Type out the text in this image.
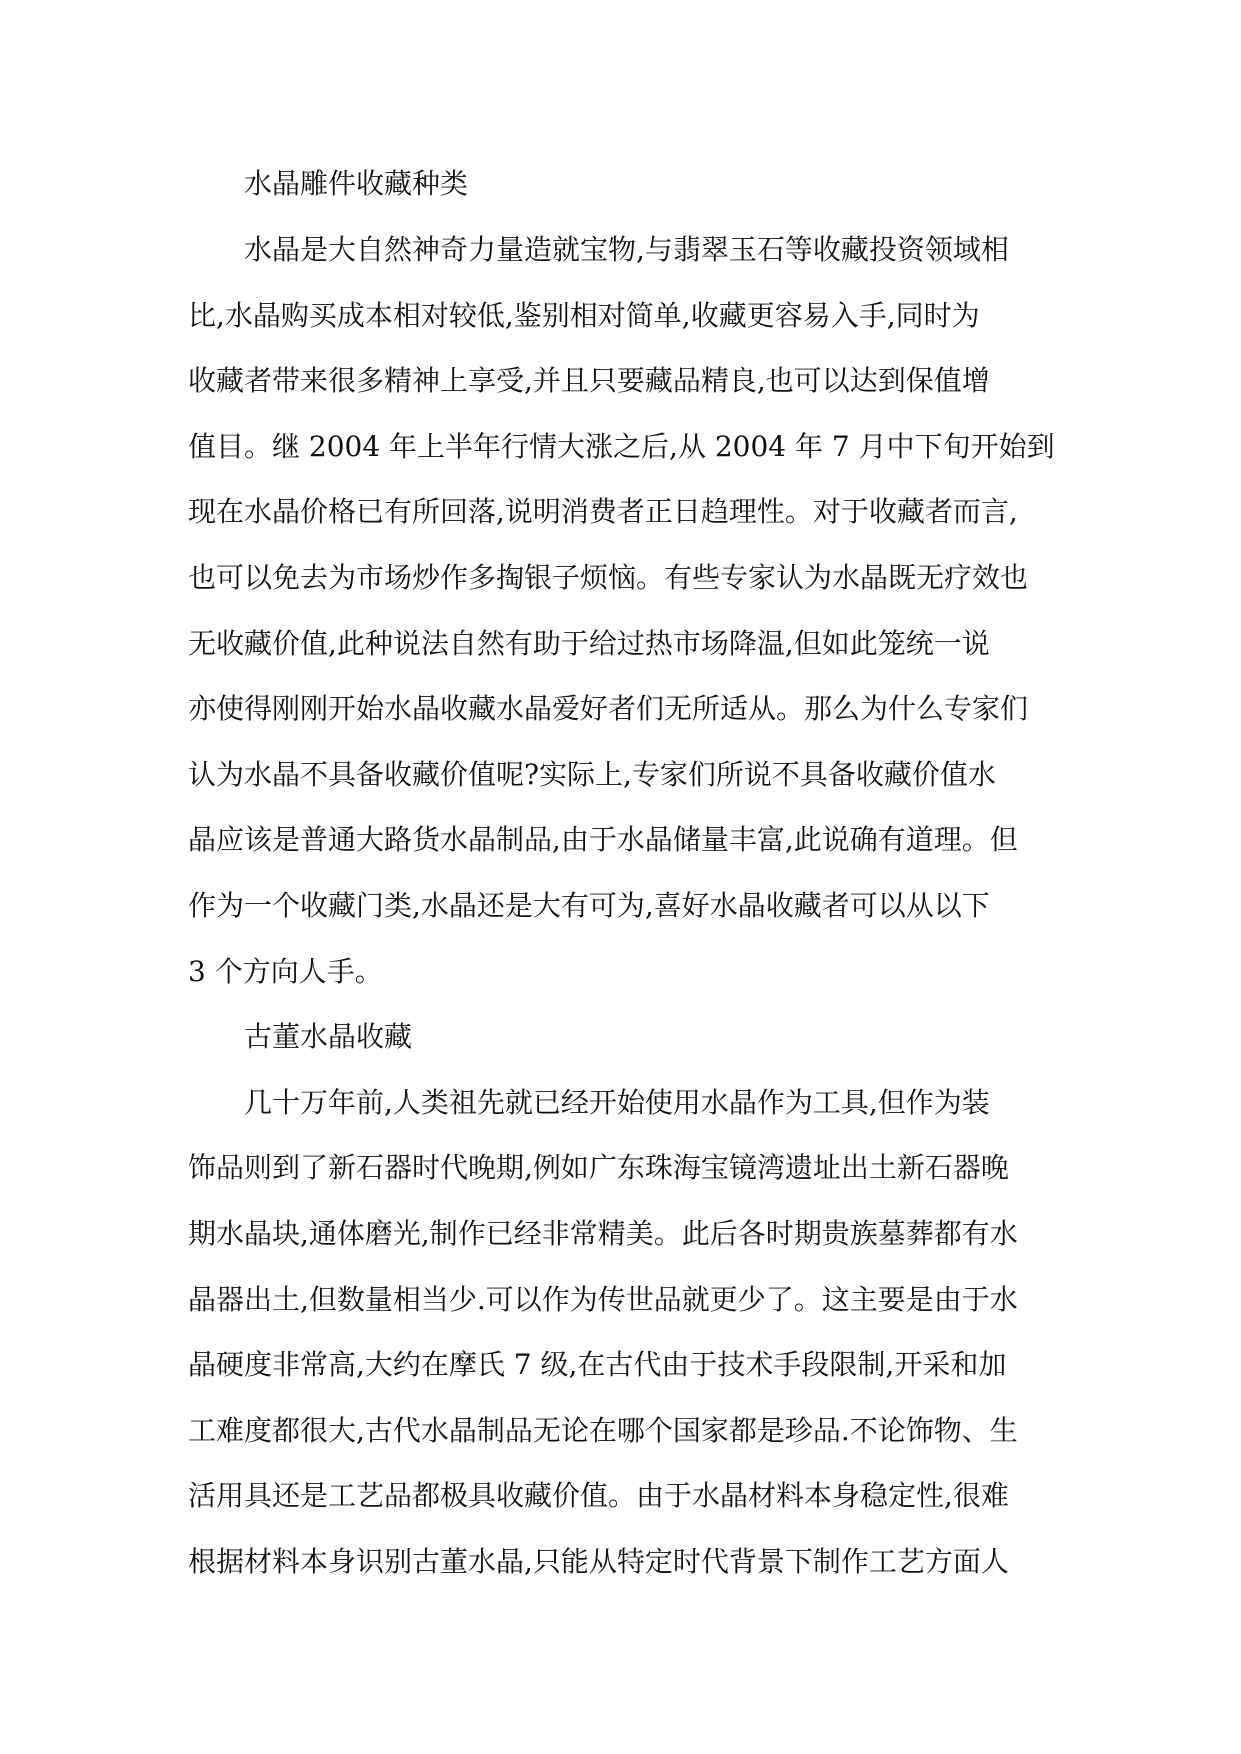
水晶雕件收藏种类
水晶是大自然神奇力量造就宝物,与翡翠玉石等收藏投资领域相
比,水晶购买成本相对较低,鉴别相对简单,收藏更容易入手,同时为
收藏者带来很多精神上享受,并且只要藏品精良,也可以达到保值增
值目。继 2004 年上半年行情大涨之后,从 2004 年 7 月中下旬开始到
现在水晶价格已有所回落,说明消费者正日趋理性。对于收藏者而言,
也可以免去为市场炒作多掏银子烦恼。有些专家认为水晶既无疗效也
无收藏价值,此种说法自然有助于给过热市场降温,但如此笼统一说
亦使得刚刚开始水晶收藏水晶爱好者们无所适从。那么为什么专家们
认为水晶不具备收藏价值呢?实际上,专家们所说不具备收藏价值水
晶应该是普通大路货水晶制品,由于水晶储量丰富,此说确有道理。但
作为一个收藏门类,水晶还是大有可为,喜好水晶收藏者可以从以下
3 个方向人手。
古董水晶收藏
几十万年前,人类祖先就已经开始使用水晶作为工具,但作为装
饰品则到了新石器时代晚期,例如广东珠海宝镜湾遗址出土新石器晚
期水晶块,通体磨光,制作已经非常精美。此后各时期贵族墓葬都有水
晶器出土,但数量相当少.可以作为传世品就更少了。这主要是由于水
晶硬度非常高,大约在摩氏 7 级,在古代由于技术手段限制,开采和加
工难度都很大,古代水晶制品无论在哪个国家都是珍品.不论饰物、生
活用具还是工艺品都极具收藏价值。由于水晶材料本身稳定性,很难
根据材料本身识别古董水晶,只能从特定时代背景下制作工艺方面人
